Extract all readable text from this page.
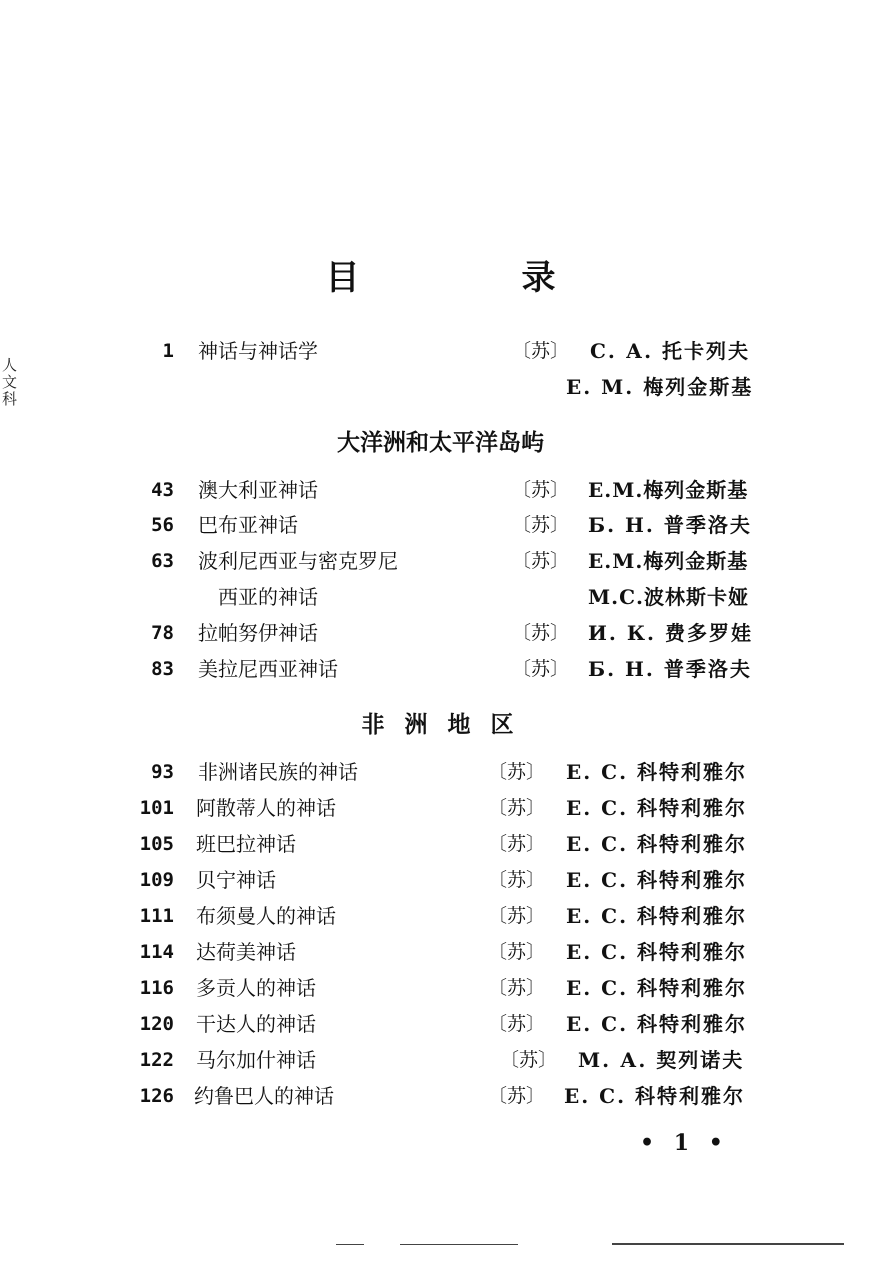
人
文
科
目　录
1 神话与神话学	〔苏〕 С. А. 托卡列夫
Е. М. 梅列金斯基
大洋洲和太平洋岛屿
43 澳大利亚神话	〔苏〕 Е.М.梅列金斯基
56 巴布亚神话	〔苏〕 Б. Н. 普季洛夫
63 波利尼西亚与密克罗尼	〔苏〕 Е.М.梅列金斯基
西亚的神话	М.С.波林斯卡娅
78 拉帕努伊神话	〔苏〕 И. К. 费多罗娃
83 美拉尼西亚神话	〔苏〕 Б. Н. 普季洛夫
非 洲 地 区
93 非洲诸民族的神话	〔苏〕 Е. С. 科特利雅尔
101 阿散蒂人的神话	〔苏〕 Е. С. 科特利雅尔
105 班巴拉神话	〔苏〕 Е. С. 科特利雅尔
109 贝宁神话	〔苏〕 Е. С. 科特利雅尔
111 布须曼人的神话	〔苏〕 Е. С. 科特利雅尔
114 达荷美神话	〔苏〕 Е. С. 科特利雅尔
116 多贡人的神话	〔苏〕 Е. С. 科特利雅尔
120 干达人的神话	〔苏〕 Е. С. 科特利雅尔
122 马尔加什神话	〔苏〕 М. А. 契列诺夫
126 约鲁巴人的神话	〔苏〕 Е. С. 科特利雅尔
• 1 •
